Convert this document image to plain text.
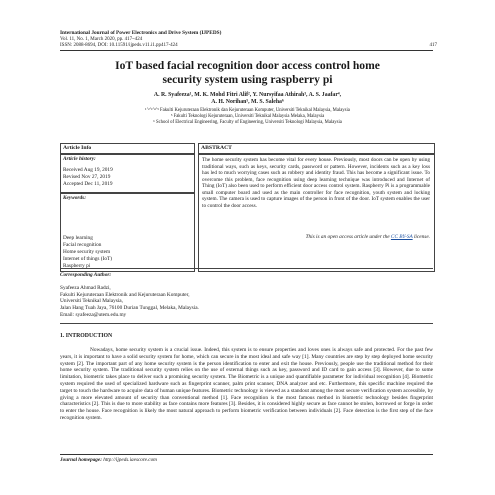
International Journal of Power Electronics and Drive System (IJPEDS)
Vol. 11, No. 1, March 2020, pp. 417~424
ISSN: 2088-8694, DOI: 10.11591/ijpeds.v11.i1.pp417-424	417
IoT based facial recognition door access control home security system using raspberry pi
A. R. Syafeeza¹, M. K. Mohd Fitri Alif², Y. Nursyifaa Athirah³, A. S. Jaafar⁴,
A. H. Norihan⁵, M. S. Saleha⁶
¹ʼ²ʼ³ʼ⁴ʼ⁵ Fakulti Kejuruteraan Elektronik dan Kejuruteraan Komputer, Universiti Teknikal Malaysia, Malaysia
⁵ Fakulti Teknologi Kejuruteraan, Universiti Teknikal Malaysia Melaka, Malaysia
⁶ School of Electrical Engineering, Faculty of Engineering, Universiti Teknologi Malaysia, Malaysia
Article Info	ABSTRACT
Article history:
Received Aug 19, 2019
Revised Nov 27, 2019
Accepted Dec 11, 2019
Keywords:
Deep learning
Facial recognition
Home security system
Internet of things (IoT)
Raspberry pi
The home security system has become vital for every house. Previously, most doors can be open by using traditional ways, such as keys, security cards, password or pattern. However, incidents such as a key loss has led to much worrying cases such as robbery and identity fraud. This has become a significant issue. To overcome this problem, face recognition using deep learning technique was introduced and Internet of Thing (IoT) also been used to perform efficient door access control system. Raspberry Pi is a programmable small computer board and used as the main controller for face recognition, youth system and locking system. The camera is used to capture images of the person in front of the door. IoT system enables the user to control the door access.
This is an open access article under the CC BY-SA license.
Corresponding Author:
Syafeeza Ahmad Radzi,
Fakulti Kejuruteraan Elektronik and Kejuruteraan Komputer,
Universiti Teknikal Malaysia,
Jalan Hang Tuah Jaya, 76100 Durian Tunggal, Melaka, Malaysia.
Email: syafeeza@utem.edu.my
1. INTRODUCTION
Nowadays, home security system is a crucial issue. Indeed, this system is to ensure properties and loves ones is always safe and protected. For the past few years, it is important to have a solid security system for home, which can secure in the most ideal and safe way [1]. Many countries are step by step deployed home security system [2]. The important part of any home security system is the person identification to enter and exit the house. Previously, people use the traditional method for their home security system. The traditional security system relies on the use of external things such as key, password and ID card to gain access [3]. However, due to some limitation, biometric takes place to deliver such a promising security system. The Biometric is a unique and quantifiable parameter for individual recognition [4]. Biometric system required the used of specialized hardware such as fingerprint scanner, palm print scanner, DNA analyzer and etc. Furthermore, this specific machine required the target to touch the hardware to acquire data of human unique features. Biometric technology is viewed as a standout among the most secure verification system accessible, by giving a more elevated amount of security than conventional method [1]. Face recognition is the most famous method in biometric technology besides fingerprint characteristics [2]. This is due to more stability as face contains more features [3]. Besides, it is considered highly secure as face cannot be stolen, borrowed or forge in order to enter the house. Face recognition is likely the most natural approach to perform biometric verification between individuals [2]. Face detection is the first step of the face recognition system.
Journal homepage: http://ijpeds.iaescore.com
